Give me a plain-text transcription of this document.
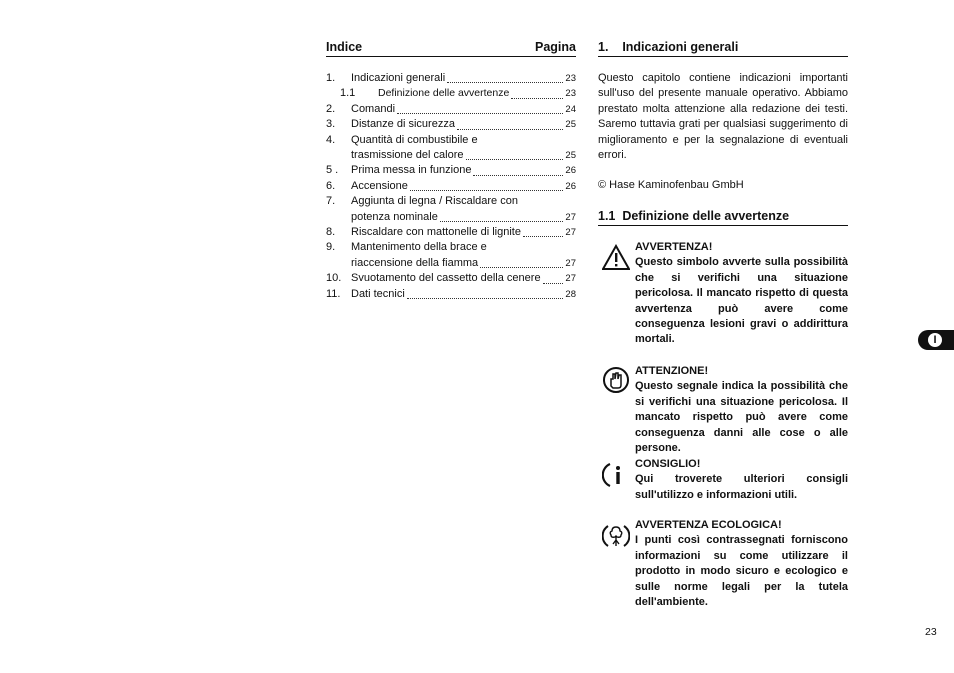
Indice	Pagina
1.	Indicazioni generali	23
1.1	Definizione delle avvertenze	23
2.	Comandi	24
3.	Distanze di sicurezza	25
4.	Quantità di combustibile e
trasmissione del calore	25
5 .	Prima messa in funzione	26
6.	Accensione	26
7.	Aggiunta di legna / Riscaldare con
potenza nominale	27
8.	Riscaldare con mattonelle di lignite	27
9.	Mantenimento della brace e
riaccensione della fiamma	27
10. Svuotamento del cassetto della cenere	27
11. Dati tecnici	28
1.    Indicazioni generali
Questo capitolo contiene indicazioni importanti sull'uso del presente manuale operativo. Abbiamo prestato molta attenzione alla redazione dei testi. Saremo tuttavia grati per qualsiasi suggerimento di miglioramento e per la segnalazione di eventuali errori.
© Hase Kaminofenbau GmbH
1.1  Definizione delle avvertenze
AVVERTENZA!
Questo simbolo avverte sulla possibilità che si verifichi una situazione pericolosa. Il mancato rispetto di questa avvertenza può avere come conseguenza lesioni gravi o addirittura mortali.
ATTENZIONE!
Questo segnale indica la possibilità che si verifichi una situazione pericolosa. Il mancato rispetto può avere come conseguenza danni alle cose o alle persone.
CONSIGLIO!
Qui troverete ulteriori consigli sull'utilizzo e informazioni utili.
AVVERTENZA ECOLOGICA!
I punti così contrassegnati forniscono informazioni su come utilizzare il prodotto in modo sicuro e ecologico e sulle norme legali per la tutela dell'ambiente.
I
23
